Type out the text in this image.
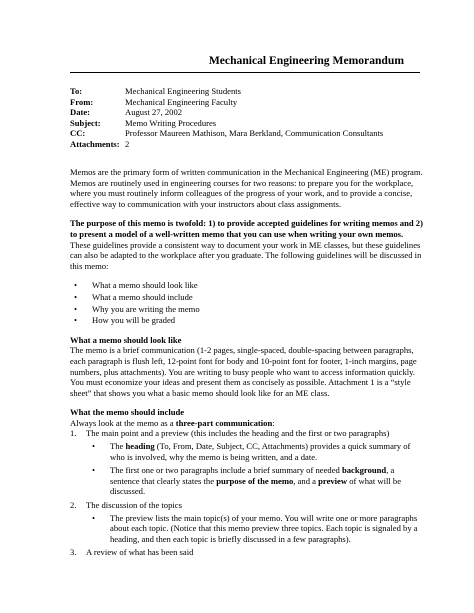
Mechanical Engineering Memorandum
To:	Mechanical Engineering Students
From:	Mechanical Engineering Faculty
Date:	August 27, 2002
Subject:	Memo Writing Procedures
CC:	Professor Maureen Mathison, Mara Berkland, Communication Consultants
Attachments: 2

Memos are the primary form of written communication in the Mechanical Engineering (ME) program. Memos are routinely used in engineering courses for two reasons: to prepare you for the workplace, where you must routinely inform colleagues of the progress of your work, and to provide a concise, effective way to communication with your instructors about class assignments.

The purpose of this memo is twofold: 1) to provide accepted guidelines for writing memos and 2) to present a model of a well-written memo that you can use when writing your own memos. These guidelines provide a consistent way to document your work in ME classes, but these guidelines can also be adapted to the workplace after you graduate. The following guidelines will be discussed in this memo:

•	What a memo should look like
•	What a memo should include
•	Why you are writing the memo
•	How you will be graded
What a memo should look like

The memo is a brief communication (1-2 pages, single-spaced, double-spacing between paragraphs, each paragraph is flush left, 12-point font for body and 10-point font for footer, 1-inch margins, page numbers, plus attachments). You are writing to busy people who want to access information quickly. You must economize your ideas and present them as concisely as possible. Attachment 1 is a “style sheet” that shows you what a basic memo should look like for an ME class.

What the memo should include
Always look at the memo as a three-part communication:
1.	The main point and a preview (this includes the heading and the first or two paragraphs)
•	The heading (To, From, Date, Subject, CC, Attachments) provides a quick summary of who is involved, why the memo is being written, and a date.
•	The first one or two paragraphs include a brief summary of needed background, a sentence that clearly states the purpose of the memo, and a preview of what will be discussed.
2.	The discussion of the topics
•	The preview lists the main topic(s) of your memo. You will write one or more paragraphs about each topic. (Notice that this memo preview three topics. Each topic is signaled by a heading, and then each topic is briefly discussed in a few paragraphs).
3.	A review of what has been said
